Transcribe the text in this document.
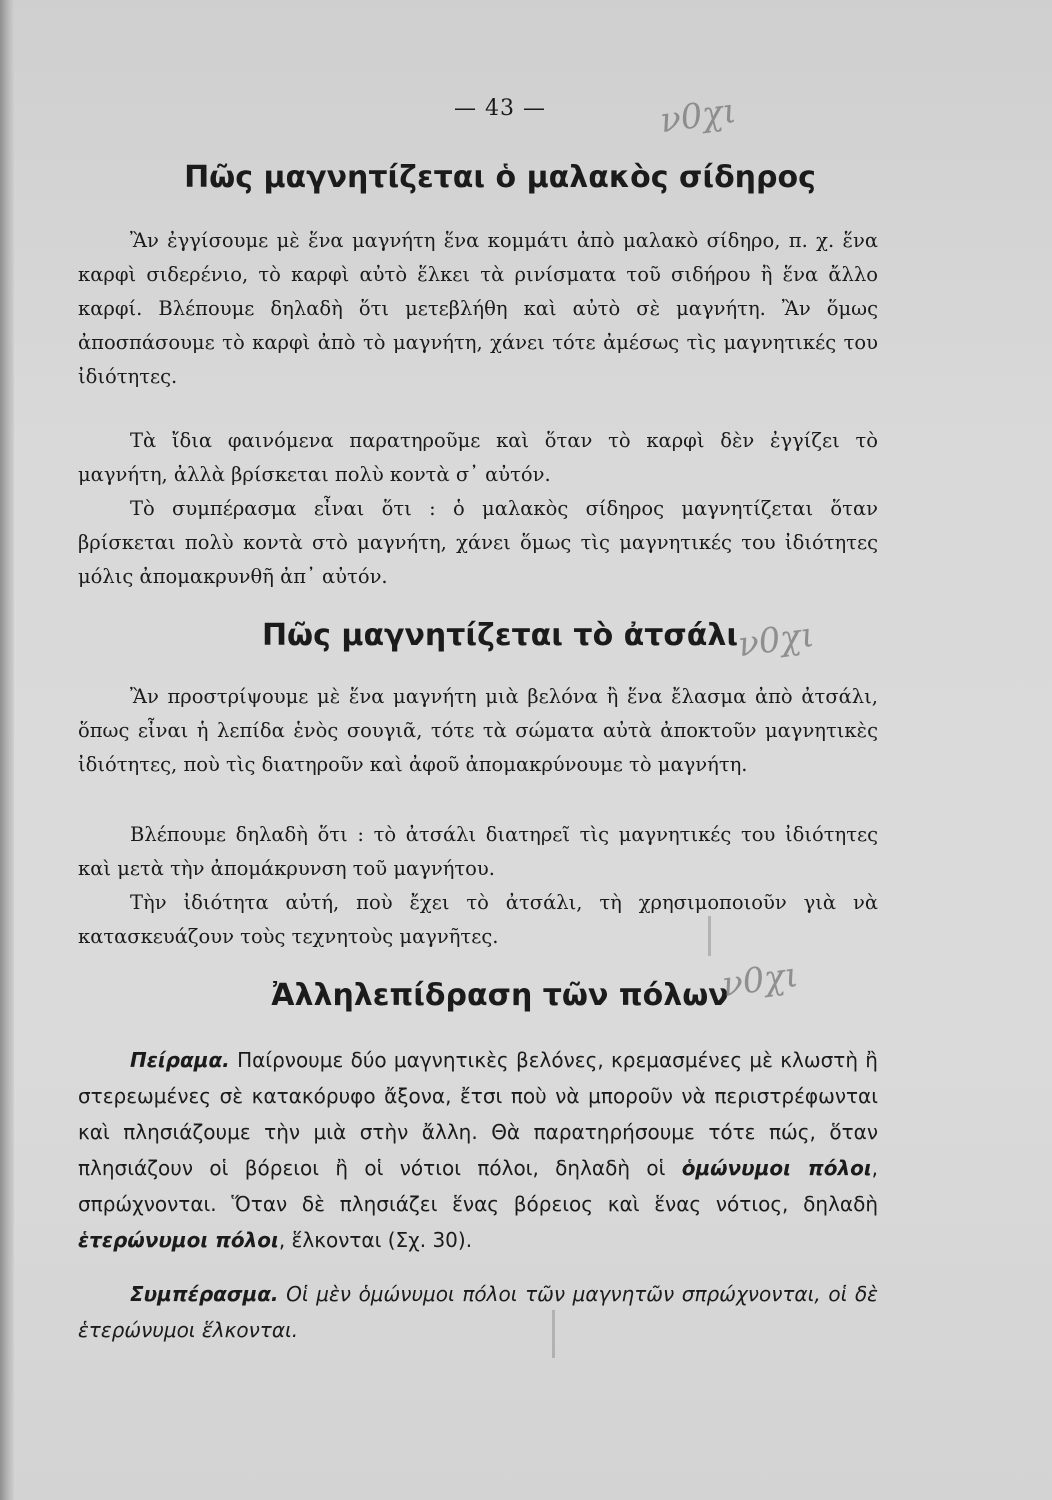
— 43 —	ν0χι
Πῶς μαγνητίζεται ὁ μαλακὸς σίδηρος

Ἂν ἐγγίσουμε μὲ ἕνα μαγνήτη ἕνα κομμάτι ἀπὸ μαλακὸ σίδηρο, π. χ. ἕνα καρφὶ σιδερένιο, τὸ καρφὶ αὐτὸ ἕλκει τὰ ρινίσματα τοῦ σιδήρου ἢ ἕνα ἄλλο καρφί. Βλέπουμε δηλαδὴ ὅτι μετεβλήθη καὶ αὐτὸ σὲ μαγνήτη. Ἂν ὅμως ἀποσπάσουμε τὸ καρφὶ ἀπὸ τὸ μαγνήτη, χάνει τότε ἀμέσως τὶς μαγνητικές του ἰδιότητες.

Τὰ ἴδια φαινόμενα παρατηροῦμε καὶ ὅταν τὸ καρφὶ δὲν ἐγγίζει τὸ μαγνήτη, ἀλλὰ βρίσκεται πολὺ κοντὰ σ᾽ αὐτόν.

Τὸ συμπέρασμα εἶναι ὅτι : ὁ μαλακὸς σίδηρος μαγνητίζεται ὅταν βρίσκεται πολὺ κοντὰ στὸ μαγνήτη, χάνει ὅμως τὶς μαγνητικές του ἰδιότητες μόλις ἀπομακρυνθῆ ἀπ᾽ αὐτόν.

Πῶς μαγνητίζεται τὸ ἀτσάλι
ν0χι

Ἂν προστρίψουμε μὲ ἕνα μαγνήτη μιὰ βελόνα ἢ ἕνα ἔλασμα ἀπὸ ἀτσάλι, ὅπως εἶναι ἡ λεπίδα ἑνὸς σουγιᾶ, τότε τὰ σώματα αὐτὰ ἀποκτοῦν μαγνητικὲς ἰδιότητες, ποὺ τὶς διατηροῦν καὶ ἀφοῦ ἀπομακρύνουμε τὸ μαγνήτη.

Βλέπουμε δηλαδὴ ὅτι : τὸ ἀτσάλι διατηρεῖ τὶς μαγνητικές του ἰδιότητες καὶ μετὰ τὴν ἀπομάκρυνση τοῦ μαγνήτου.

Τὴν ἰδιότητα αὐτή, ποὺ ἔχει τὸ ἀτσάλι, τὴ χρησιμοποιοῦν γιὰ νὰ κατασκευάζουν τοὺς τεχνητοὺς μαγνῆτες.

Ἀλληλεπίδραση τῶν πόλων
ν0χι

Πείραμα. Παίρνουμε δύο μαγνητικὲς βελόνες, κρεμασμένες μὲ κλωστὴ ἢ στερεωμένες σὲ κατακόρυφο ἄξονα, ἔτσι ποὺ νὰ μποροῦν νὰ περιστρέφωνται καὶ πλησιάζουμε τὴν μιὰ στὴν ἄλλη. Θὰ παρατηρήσουμε τότε πώς, ὅταν πλησιάζουν οἱ βόρειοι ἢ οἱ νότιοι πόλοι, δηλαδὴ οἱ ὁμώνυμοι πόλοι, σπρώχνονται. Ὅταν δὲ πλησιάζει ἕνας βόρειος καὶ ἕνας νότιος, δηλαδὴ ἑτερώνυμοι πόλοι, ἕλκονται (Σχ. 30).

Συμπέρασμα. Οἱ μὲν ὁμώνυμοι πόλοι τῶν μαγνητῶν σπρώχνονται, οἱ δὲ ἑτερώνυμοι ἕλκονται.
